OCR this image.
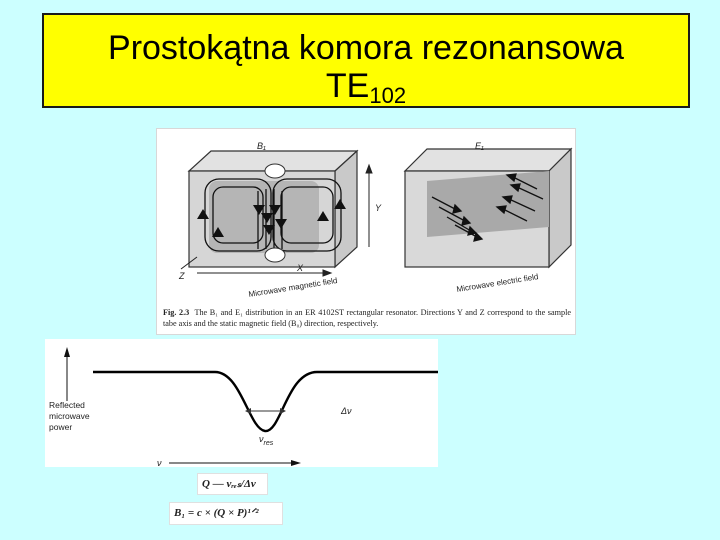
Prostokątna komora rezonansowa
$TE_{102}$
B₁
Y
Z
X
Microwave magnetic field
E₁
Microwave electric field
Fig. 2.3 The B₁ and E₁ distribution in an ER 4102ST rectangular resonator. Directions Y and Z correspond to the sample tabe axis and the static magnetic field (B₀) direction, respectively.
Reflected
microwave
power
Δν
$\nu_{res}$
ν
Q — νᵣₑₛ/Δν
B₁ = c × (Q × P)¹ᐟ²
